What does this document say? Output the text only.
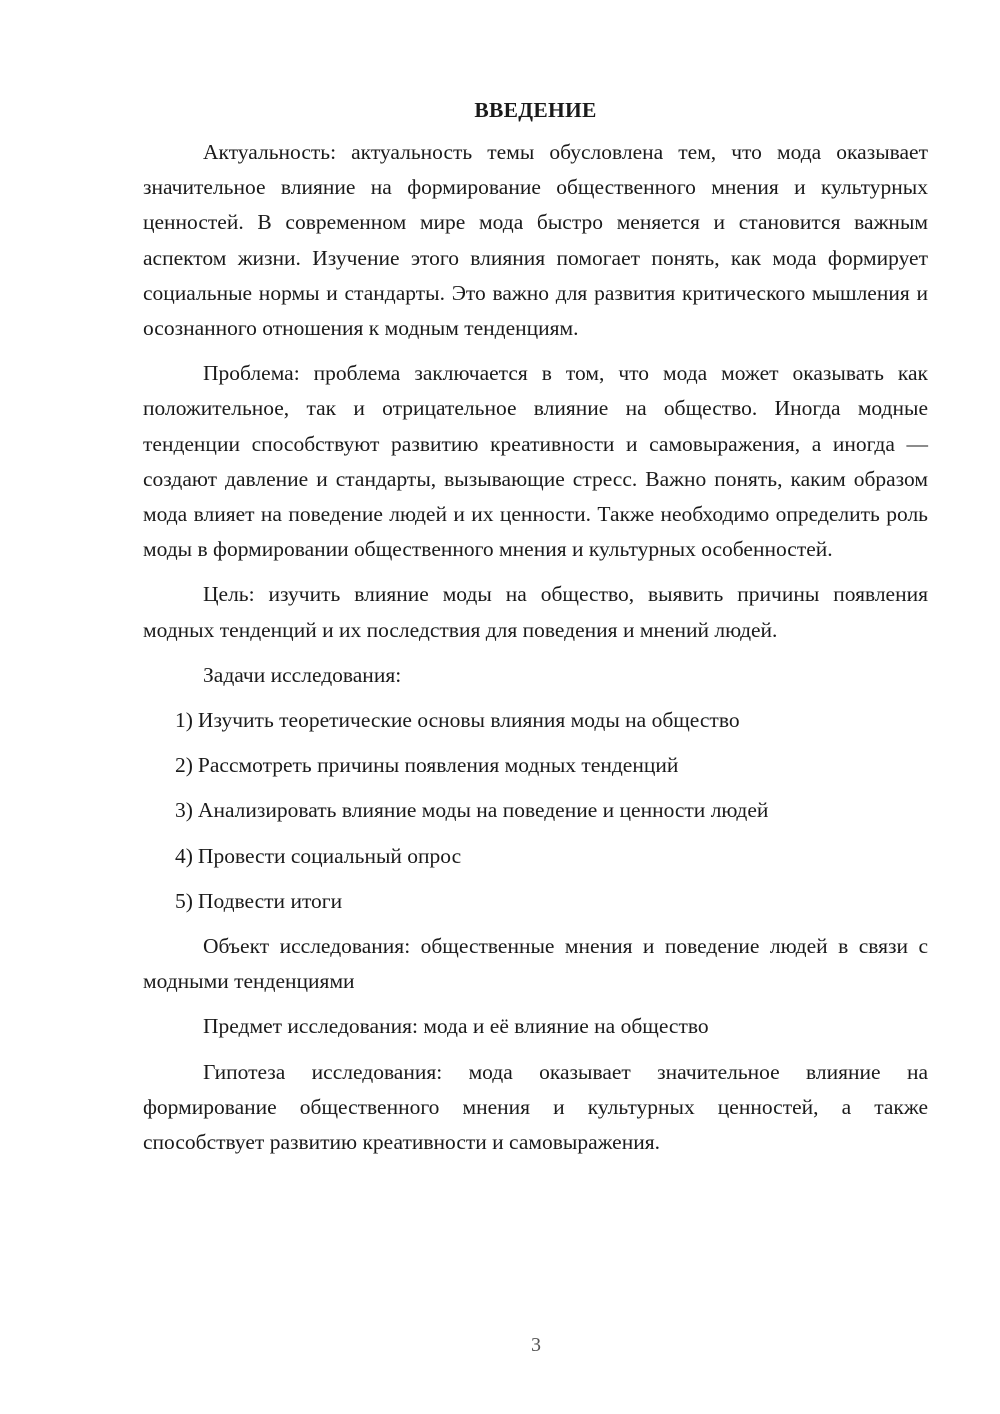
ВВЕДЕНИЕ

Актуальность: актуальность темы обусловлена тем, что мода оказывает значительное влияние на формирование общественного мнения и культурных ценностей. В современном мире мода быстро меняется и становится важным аспектом жизни. Изучение этого влияния помогает понять, как мода формирует социальные нормы и стандарты. Это важно для развития критического мышления и осознанного отношения к модным тенденциям.

Проблема: проблема заключается в том, что мода может оказывать как положительное, так и отрицательное влияние на общество. Иногда модные тенденции способствуют развитию креативности и самовыражения, а иногда — создают давление и стандарты, вызывающие стресс. Важно понять, каким образом мода влияет на поведение людей и их ценности. Также необходимо определить роль моды в формировании общественного мнения и культурных особенностей.

Цель: изучить влияние моды на общество, выявить причины появления модных тенденций и их последствия для поведения и мнений людей.

Задачи исследования:
1) Изучить теоретические основы влияния моды на общество
2) Рассмотреть причины появления модных тенденций
3) Анализировать влияние моды на поведение и ценности людей
4) Провести социальный опрос
5) Подвести итоги

Объект исследования: общественные мнения и поведение людей в связи с модными тенденциями

Предмет исследования: мода и её влияние на общество

Гипотеза исследования: мода оказывает значительное влияние на формирование общественного мнения и культурных ценностей, а также способствует развитию креативности и самовыражения.

3
